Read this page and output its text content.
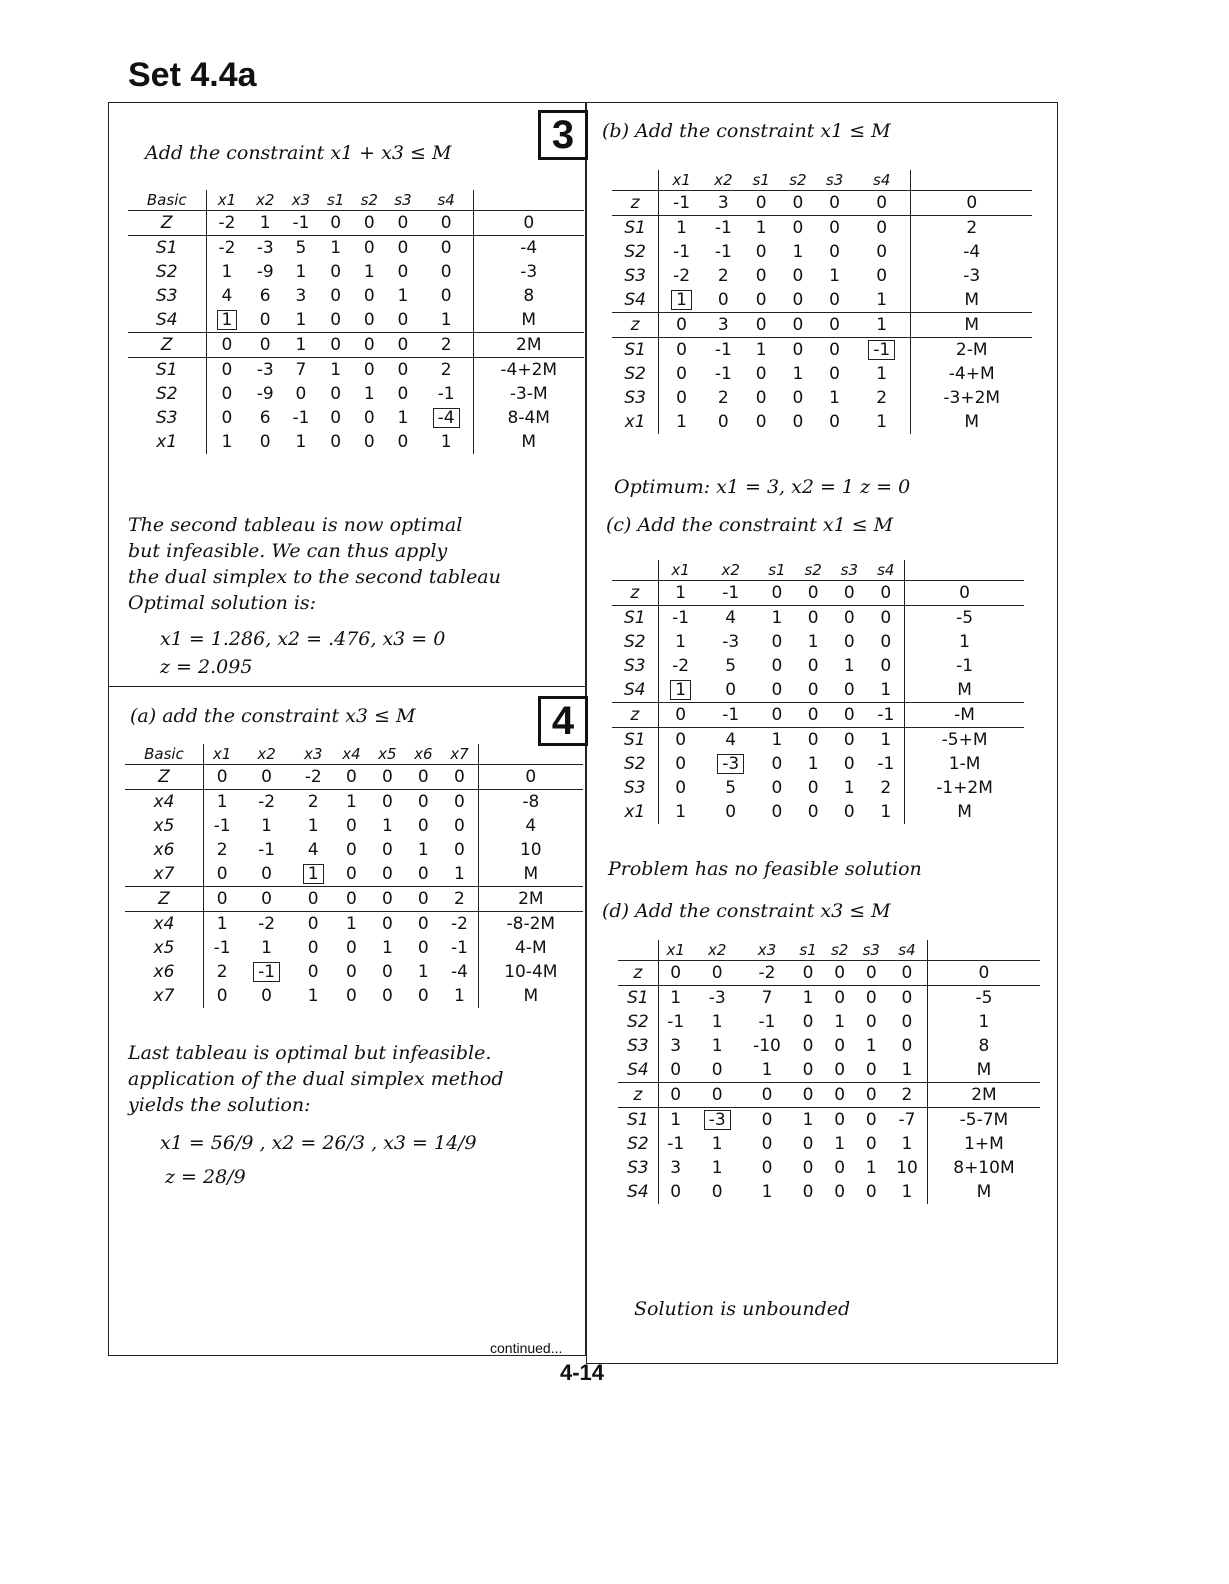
Set 4.4a
3
Add the constraint x1 + x3 ≤ M
Basic	x1	x2	x3	s1	s2	s3	s4	
Z	-2	1	-1	0	0	0	0	0
S1	-2	-3	5	1	0	0	0	-4
S2	1	-9	1	0	1	0	0	-3
S3	4	6	3	0	0	1	0	8
S4	1	0	1	0	0	0	1	M
Z	0	0	1	0	0	0	2	2M
S1	0	-3	7	1	0	0	2	-4+2M
S2	0	-9	0	0	1	0	-1	-3-M
S3	0	6	-1	0	0	1	-4	8-4M
x1	1	0	1	0	0	0	1	M
The second tableau is now optimal
but infeasible. We can thus apply
the dual simplex to the second tableau
Optimal solution is:
x1 = 1.286, x2 = .476, x3 = 0
z = 2.095
4
(a) add the constraint x3 ≤ M
Basic	x1	x2	x3	x4	x5	x6	x7	
Z	0	0	-2	0	0	0	0	0
x4	1	-2	2	1	0	0	0	-8
x5	-1	1	1	0	1	0	0	4
x6	2	-1	4	0	0	1	0	10
x7	0	0	1	0	0	0	1	M
Z	0	0	0	0	0	0	2	2M
x4	1	-2	0	1	0	0	-2	-8-2M
x5	-1	1	0	0	1	0	-1	4-M
x6	2	-1	0	0	0	1	-4	10-4M
x7	0	0	1	0	0	0	1	M
Last tableau is optimal but infeasible.
application of the dual simplex method
yields the solution:
x1 = 56/9 , x2 = 26/3 , x3 = 14/9
z = 28/9
(b) Add the constraint x1 ≤ M
	x1	x2	s1	s2	s3	s4	
z	-1	3	0	0	0	0	0
S1	1	-1	1	0	0	0	2
S2	-1	-1	0	1	0	0	-4
S3	-2	2	0	0	1	0	-3
S4	1	0	0	0	0	1	M
z	0	3	0	0	0	1	M
S1	0	-1	1	0	0	-1	2-M
S2	0	-1	0	1	0	1	-4+M
S3	0	2	0	0	1	2	-3+2M
x1	1	0	0	0	0	1	M
Optimum: x1 = 3, x2 = 1 z = 0
(c) Add the constraint x1 ≤ M
	x1	x2	s1	s2	s3	s4	
z	1	-1	0	0	0	0	0
S1	-1	4	1	0	0	0	-5
S2	1	-3	0	1	0	0	1
S3	-2	5	0	0	1	0	-1
S4	1	0	0	0	0	1	M
z	0	-1	0	0	0	-1	-M
S1	0	4	1	0	0	1	-5+M
S2	0	-3	0	1	0	-1	1-M
S3	0	5	0	0	1	2	-1+2M
x1	1	0	0	0	0	1	M
Problem has no feasible solution
(d) Add the constraint x3 ≤ M
	x1	x2	x3	s1	s2	s3	s4	
z	0	0	-2	0	0	0	0	0
S1	1	-3	7	1	0	0	0	-5
S2	-1	1	-1	0	1	0	0	1
S3	3	1	-10	0	0	1	0	8
S4	0	0	1	0	0	0	1	M
z	0	0	0	0	0	0	2	2M
S1	1	-3	0	1	0	0	-7	-5-7M
S2	-1	1	0	0	1	0	1	1+M
S3	3	1	0	0	0	1	10	8+10M
S4	0	0	1	0	0	0	1	M
Solution is unbounded
continued...
4-14
